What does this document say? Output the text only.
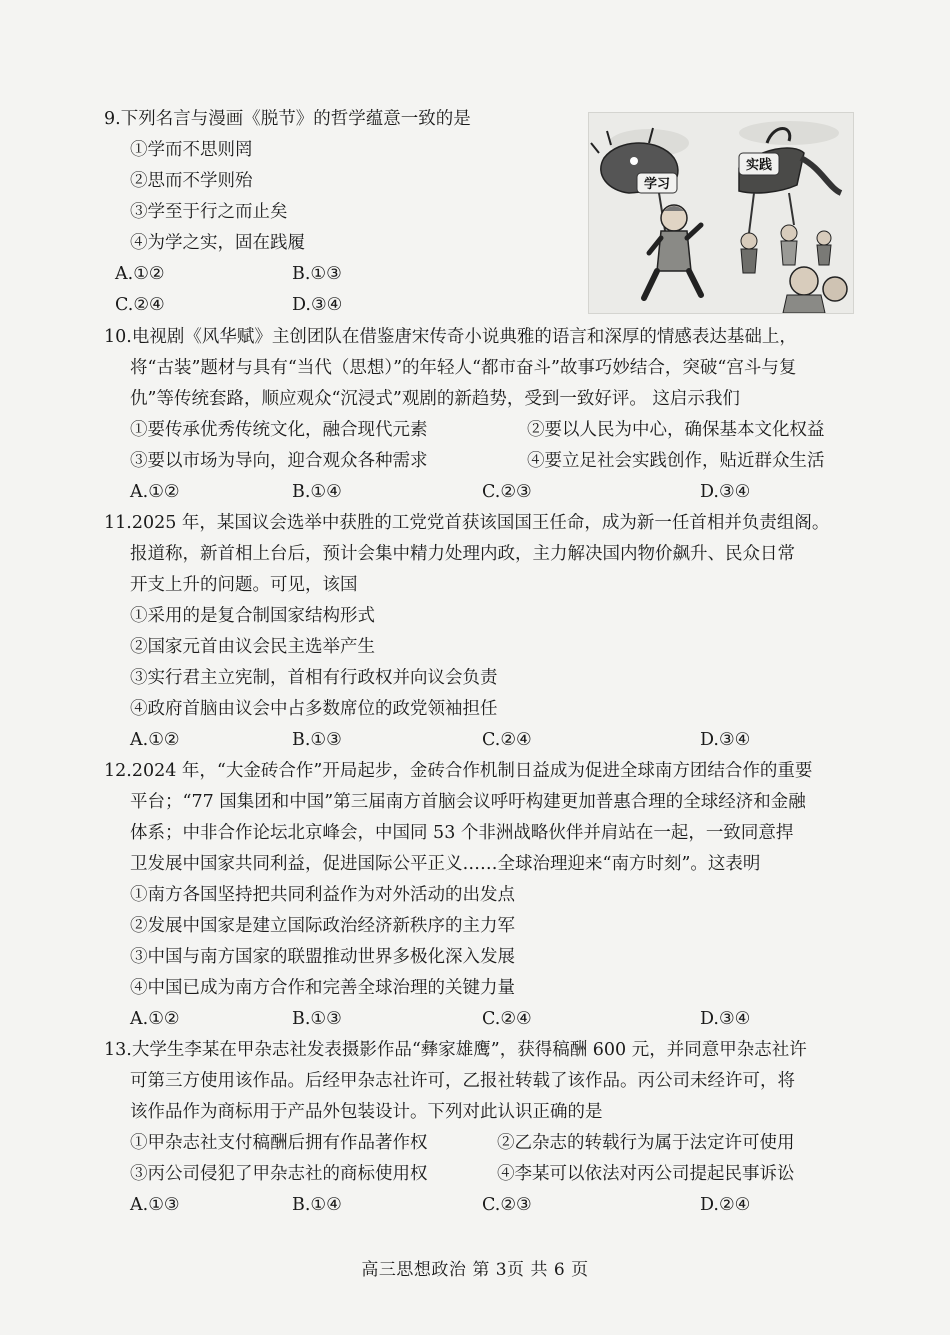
9.下列名言与漫画《脱节》的哲学蕴意一致的是
①学而不思则罔
②思而不学则殆
③学至于行之而止矣
④为学之实，固在践履
A.①②	B.①③
C.②④	D.③④
学习
实践
10.电视剧《风华赋》主创团队在借鉴唐宋传奇小说典雅的语言和深厚的情感表达基础上，
将“古装”题材与具有“当代（思想）”的年轻人“都市奋斗”故事巧妙结合，突破“宫斗与复
仇”等传统套路，顺应观众“沉浸式”观剧的新趋势，受到一致好评。 这启示我们
①要传承优秀传统文化，融合现代元素	②要以人民为中心，确保基本文化权益
③要以市场为导向，迎合观众各种需求	④要立足社会实践创作，贴近群众生活
A.①②	B.①④	C.②③	D.③④
11.2025 年，某国议会选举中获胜的工党党首获该国国王任命，成为新一任首相并负责组阁。
报道称，新首相上台后，预计会集中精力处理内政，主力解决国内物价飙升、民众日常
开支上升的问题。可见，该国
①采用的是复合制国家结构形式
②国家元首由议会民主选举产生
③实行君主立宪制，首相有行政权并向议会负责
④政府首脑由议会中占多数席位的政党领袖担任
A.①②	B.①③	C.②④	D.③④
12.2024 年，“大金砖合作”开局起步，金砖合作机制日益成为促进全球南方团结合作的重要
平台；“77 国集团和中国”第三届南方首脑会议呼吁构建更加普惠合理的全球经济和金融
体系；中非合作论坛北京峰会，中国同 53 个非洲战略伙伴并肩站在一起，一致同意捍
卫发展中国家共同利益，促进国际公平正义……全球治理迎来“南方时刻”。这表明
①南方各国坚持把共同利益作为对外活动的出发点
②发展中国家是建立国际政治经济新秩序的主力军
③中国与南方国家的联盟推动世界多极化深入发展
④中国已成为南方合作和完善全球治理的关键力量
A.①②	B.①③	C.②④	D.③④
13.大学生李某在甲杂志社发表摄影作品“彝家雄鹰”，获得稿酬 600 元，并同意甲杂志社许
可第三方使用该作品。后经甲杂志社许可，乙报社转载了该作品。丙公司未经许可，将
该作品作为商标用于产品外包装设计。下列对此认识正确的是
①甲杂志社支付稿酬后拥有作品著作权	②乙杂志的转载行为属于法定许可使用
③丙公司侵犯了甲杂志社的商标使用权	④李某可以依法对丙公司提起民事诉讼
A.①③	B.①④	C.②③	D.②④
高三思想政治 第 3页 共 6 页
